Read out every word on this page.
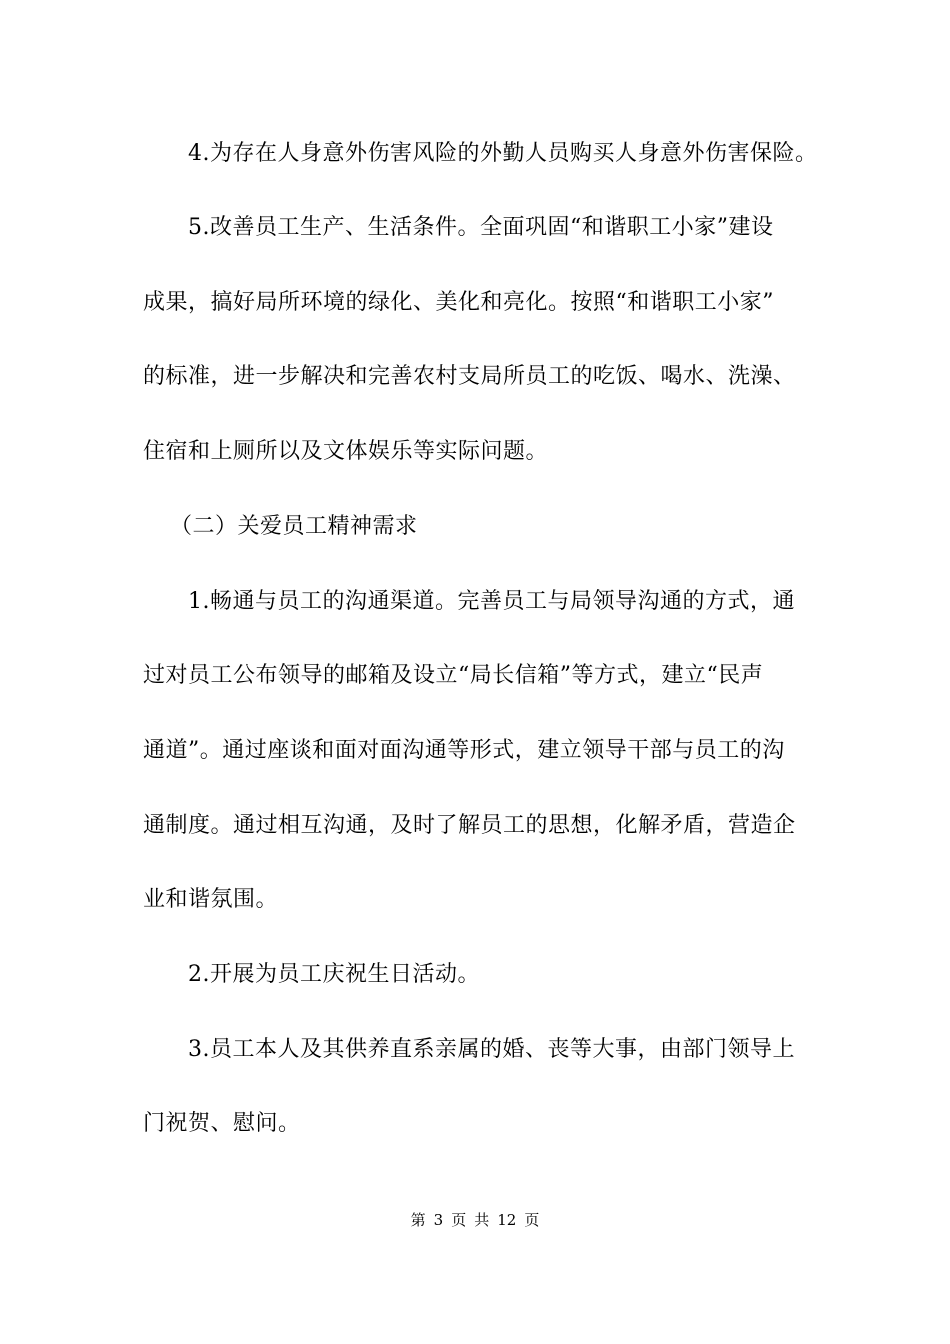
4.为存在人身意外伤害风险的外勤人员购买人身意外伤害保险。
5.改善员工生产、生活条件。全面巩固“和谐职工小家”建设
成果，搞好局所环境的绿化、美化和亮化。按照“和谐职工小家”
的标准，进一步解决和完善农村支局所员工的吃饭、喝水、洗澡、
住宿和上厕所以及文体娱乐等实际问题。
（二）关爱员工精神需求
1.畅通与员工的沟通渠道。完善员工与局领导沟通的方式，通
过对员工公布领导的邮箱及设立“局长信箱”等方式，建立“民声
通道”。通过座谈和面对面沟通等形式，建立领导干部与员工的沟
通制度。通过相互沟通，及时了解员工的思想，化解矛盾，营造企
业和谐氛围。
2.开展为员工庆祝生日活动。
3.员工本人及其供养直系亲属的婚、丧等大事，由部门领导上
门祝贺、慰问。
第 3 页 共 12 页
